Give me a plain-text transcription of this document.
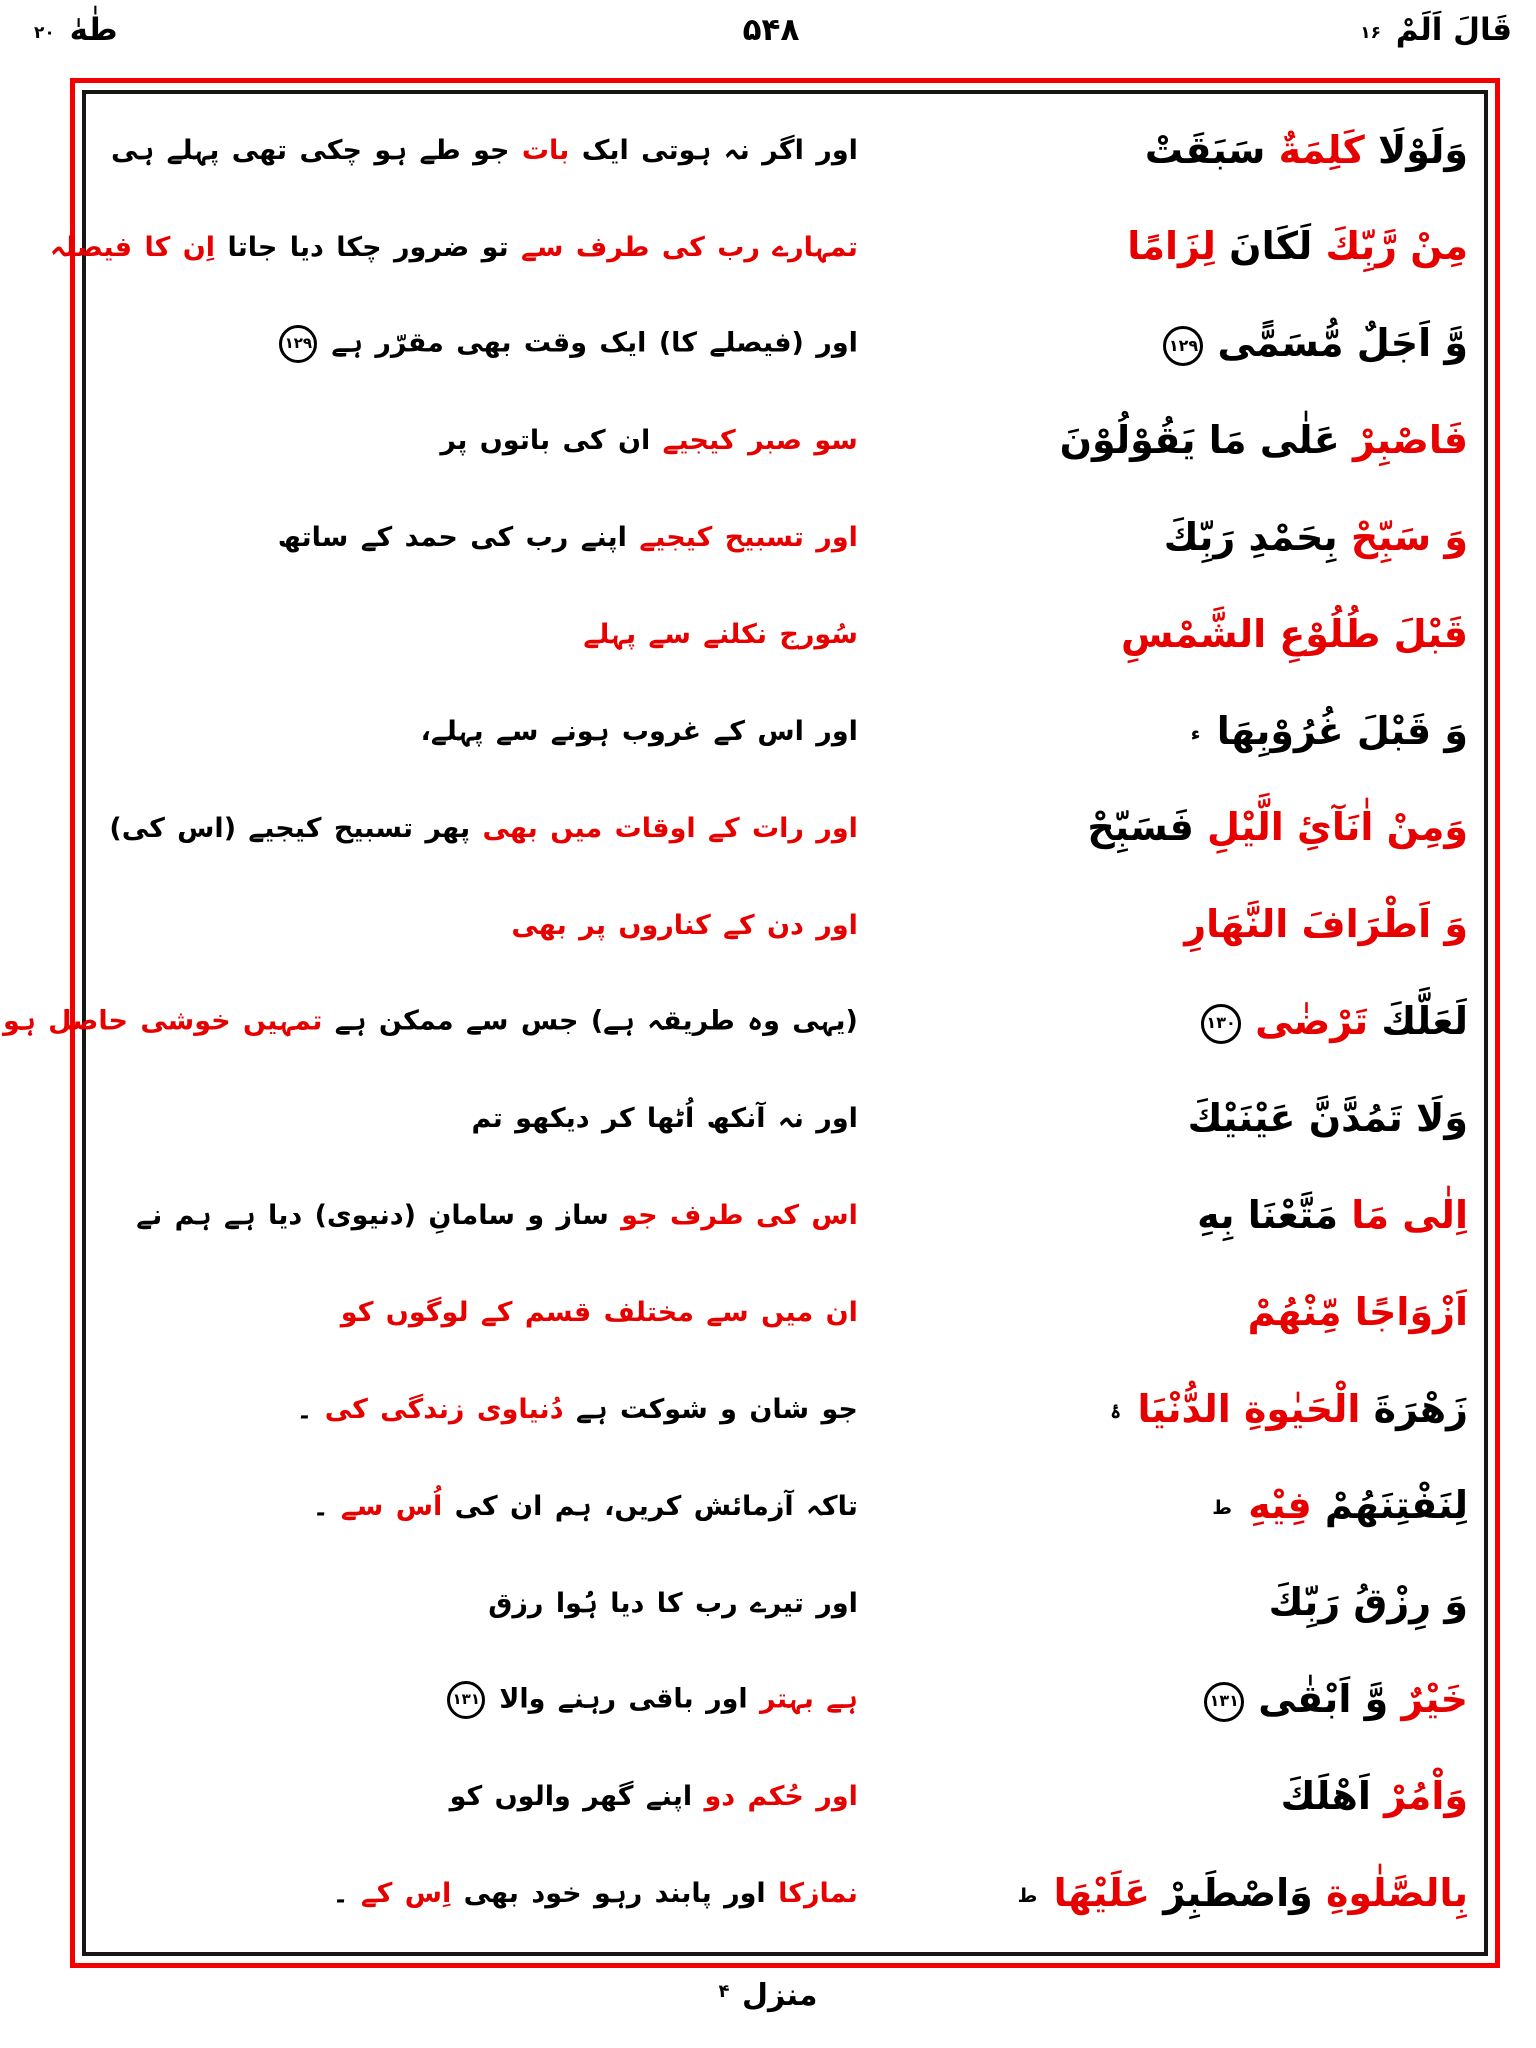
طٰهٰ ۲۰	۵۴۸	قَالَ اَلَمْ ۱۶
اور اگر نہ ہوتی ایک بات جو طے ہو چکی تھی پہلے ہی	وَلَوْلَا كَلِمَةٌ سَبَقَتْ
تمہارے رب کی طرف سے تو ضرور چکا دیا جاتا اِن کا فیصلہ	مِنْ رَّبِّكَ لَكَانَ لِزَامًا
اور (فیصلے کا) ایک وقت بھی مقرّر ہے۱۲۹	وَّ اَجَلٌ مُّسَمًّى۱۲۹
سو صبر کیجیے ان کی باتوں پر	فَاصْبِرْ عَلٰى مَا يَقُوْلُوْنَ
اور تسبیح کیجیے اپنے رب کی حمد کے ساتھ	وَ سَبِّحْ بِحَمْدِ رَبِّكَ
سُورج نکلنے سے پہلے	قَبْلَ طُلُوْعِ الشَّمْسِ
اور اس کے غروب ہونے سے پہلے،	وَ قَبْلَ غُرُوْبِهَا ء
اور رات کے اوقات میں بھی پھر تسبیح کیجیے (اس کی)	وَمِنْ اٰنَآئِ الَّيْلِ فَسَبِّحْ
اور دن کے کناروں پر بھی	وَ اَطْرَافَ النَّهَارِ
(یہی وہ طریقہ ہے) جس سے ممکن ہے تمہیں خوشی حاصل ہو	لَعَلَّكَ تَرْضٰى۱۳۰
اور نہ آنکھ اُٹھا کر دیکھو تم	وَلَا تَمُدَّنَّ عَيْنَيْكَ
اس کی طرف جو ساز و سامانِ (دنیوی) دیا ہے ہم نے	اِلٰى مَا مَتَّعْنَا بِهِ
ان میں سے مختلف قسم کے لوگوں کو	اَزْوَاجًا مِّنْهُمْ
جو شان و شوکت ہے دُنیاوی زندگی کی ۔	زَهْرَةَ الْحَيٰوةِ الدُّنْيَا ۂ
تاکہ آزمائش کریں، ہم ان کی اُس سے ۔	لِنَفْتِنَهُمْ فِيْهِ ط
اور تیرے رب کا دیا ہُوا رزق	وَ رِزْقُ رَبِّكَ
ہے بہتر اور باقی رہنے والا۱۳۱	خَيْرٌ وَّ اَبْقٰى۱۳۱
اور حُکم دو اپنے گھر والوں کو	وَاْمُرْ اَهْلَكَ
نمازکا اور پابند رہو خود بھی اِس کے ۔	بِالصَّلٰوةِ وَاصْطَبِرْ عَلَيْهَا ط
منزل $^۴$
